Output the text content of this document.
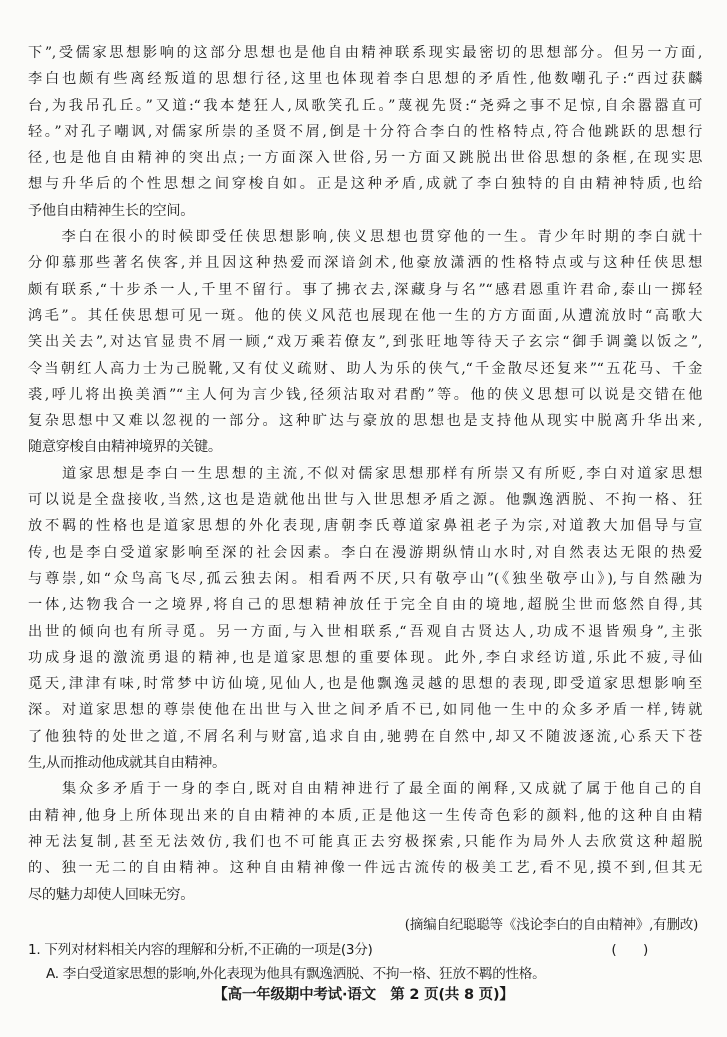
下”,受儒家思想影响的这部分思想也是他自由精神联系现实最密切的思想部分。但另一方面,
李白也颇有些离经叛道的思想行径,这里也体现着李白思想的矛盾性,他数嘲孔子:“西过获麟
台,为我吊孔丘。”又道:“我本楚狂人,凤歌笑孔丘。”蔑视先贤:“尧舜之事不足惊,自余嚣嚣直可
轻。”对孔子嘲讽,对儒家所崇的圣贤不屑,倒是十分符合李白的性格特点,符合他跳跃的思想行
径,也是他自由精神的突出点;一方面深入世俗,另一方面又跳脱出世俗思想的条框,在现实思
想与升华后的个性思想之间穿梭自如。正是这种矛盾,成就了李白独特的自由精神特质,也给
予他自由精神生长的空间。
　　李白在很小的时候即受任侠思想影响,侠义思想也贯穿他的一生。青少年时期的李白就十
分仰慕那些著名侠客,并且因这种热爱而深谙剑术,他豪放潇洒的性格特点或与这种任侠思想
颇有联系,“十步杀一人,千里不留行。事了拂衣去,深藏身与名”“感君恩重许君命,泰山一掷轻
鸿毛”。其任侠思想可见一斑。他的侠义风范也展现在他一生的方方面面,从遭流放时“高歌大
笑出关去”,对达官显贵不屑一顾,“戏万乘若僚友”,到张旺地等待天子玄宗“御手调羹以饭之”,
令当朝红人高力士为己脱靴,又有仗义疏财、助人为乐的侠气,“千金散尽还复来”“五花马、千金
裘,呼儿将出换美酒”“主人何为言少钱,径须沽取对君酌”等。他的侠义思想可以说是交错在他
复杂思想中又难以忽视的一部分。这种旷达与豪放的思想也是支持他从现实中脱离升华出来,
随意穿梭自由精神境界的关键。
　　道家思想是李白一生思想的主流,不似对儒家思想那样有所崇又有所贬,李白对道家思想
可以说是全盘接收,当然,这也是造就他出世与入世思想矛盾之源。他飘逸洒脱、不拘一格、狂
放不羁的性格也是道家思想的外化表现,唐朝李氏尊道家鼻祖老子为宗,对道教大加倡导与宣
传,也是李白受道家影响至深的社会因素。李白在漫游期纵情山水时,对自然表达无限的热爱
与尊崇,如“众鸟高飞尽,孤云独去闲。相看两不厌,只有敬亭山”(《独坐敬亭山》),与自然融为
一体,达物我合一之境界,将自己的思想精神放任于完全自由的境地,超脱尘世而悠然自得,其
出世的倾向也有所寻觅。另一方面,与入世相联系,“吾观自古贤达人,功成不退皆殒身”,主张
功成身退的激流勇退的精神,也是道家思想的重要体现。此外,李白求经访道,乐此不疲,寻仙
觅天,津津有味,时常梦中访仙境,见仙人,也是他飘逸灵越的思想的表现,即受道家思想影响至
深。对道家思想的尊崇使他在出世与入世之间矛盾不已,如同他一生中的众多矛盾一样,铸就
了他独特的处世之道,不屑名利与财富,追求自由,驰骋在自然中,却又不随波逐流,心系天下苍
生,从而推动他成就其自由精神。
　　集众多矛盾于一身的李白,既对自由精神进行了最全面的阐释,又成就了属于他自己的自
由精神,他身上所体现出来的自由精神的本质,正是他这一生传奇色彩的颜料,他的这种自由精
神无法复制,甚至无法效仿,我们也不可能真正去穷极探索,只能作为局外人去欣赏这种超脱
的、独一无二的自由精神。这种自由精神像一件远古流传的极美工艺,看不见,摸不到,但其无
尽的魅力却使人回味无穷。
(摘编自纪聪聪等《浅论李白的自由精神》,有删改)
1. 下列对材料相关内容的理解和分析,不正确的一项是(3分)	(　　)
A. 李白受道家思想的影响,外化表现为他具有飘逸洒脱、不拘一格、狂放不羁的性格。
【高一年级期中考试·语文　第 2 页(共 8 页)】
